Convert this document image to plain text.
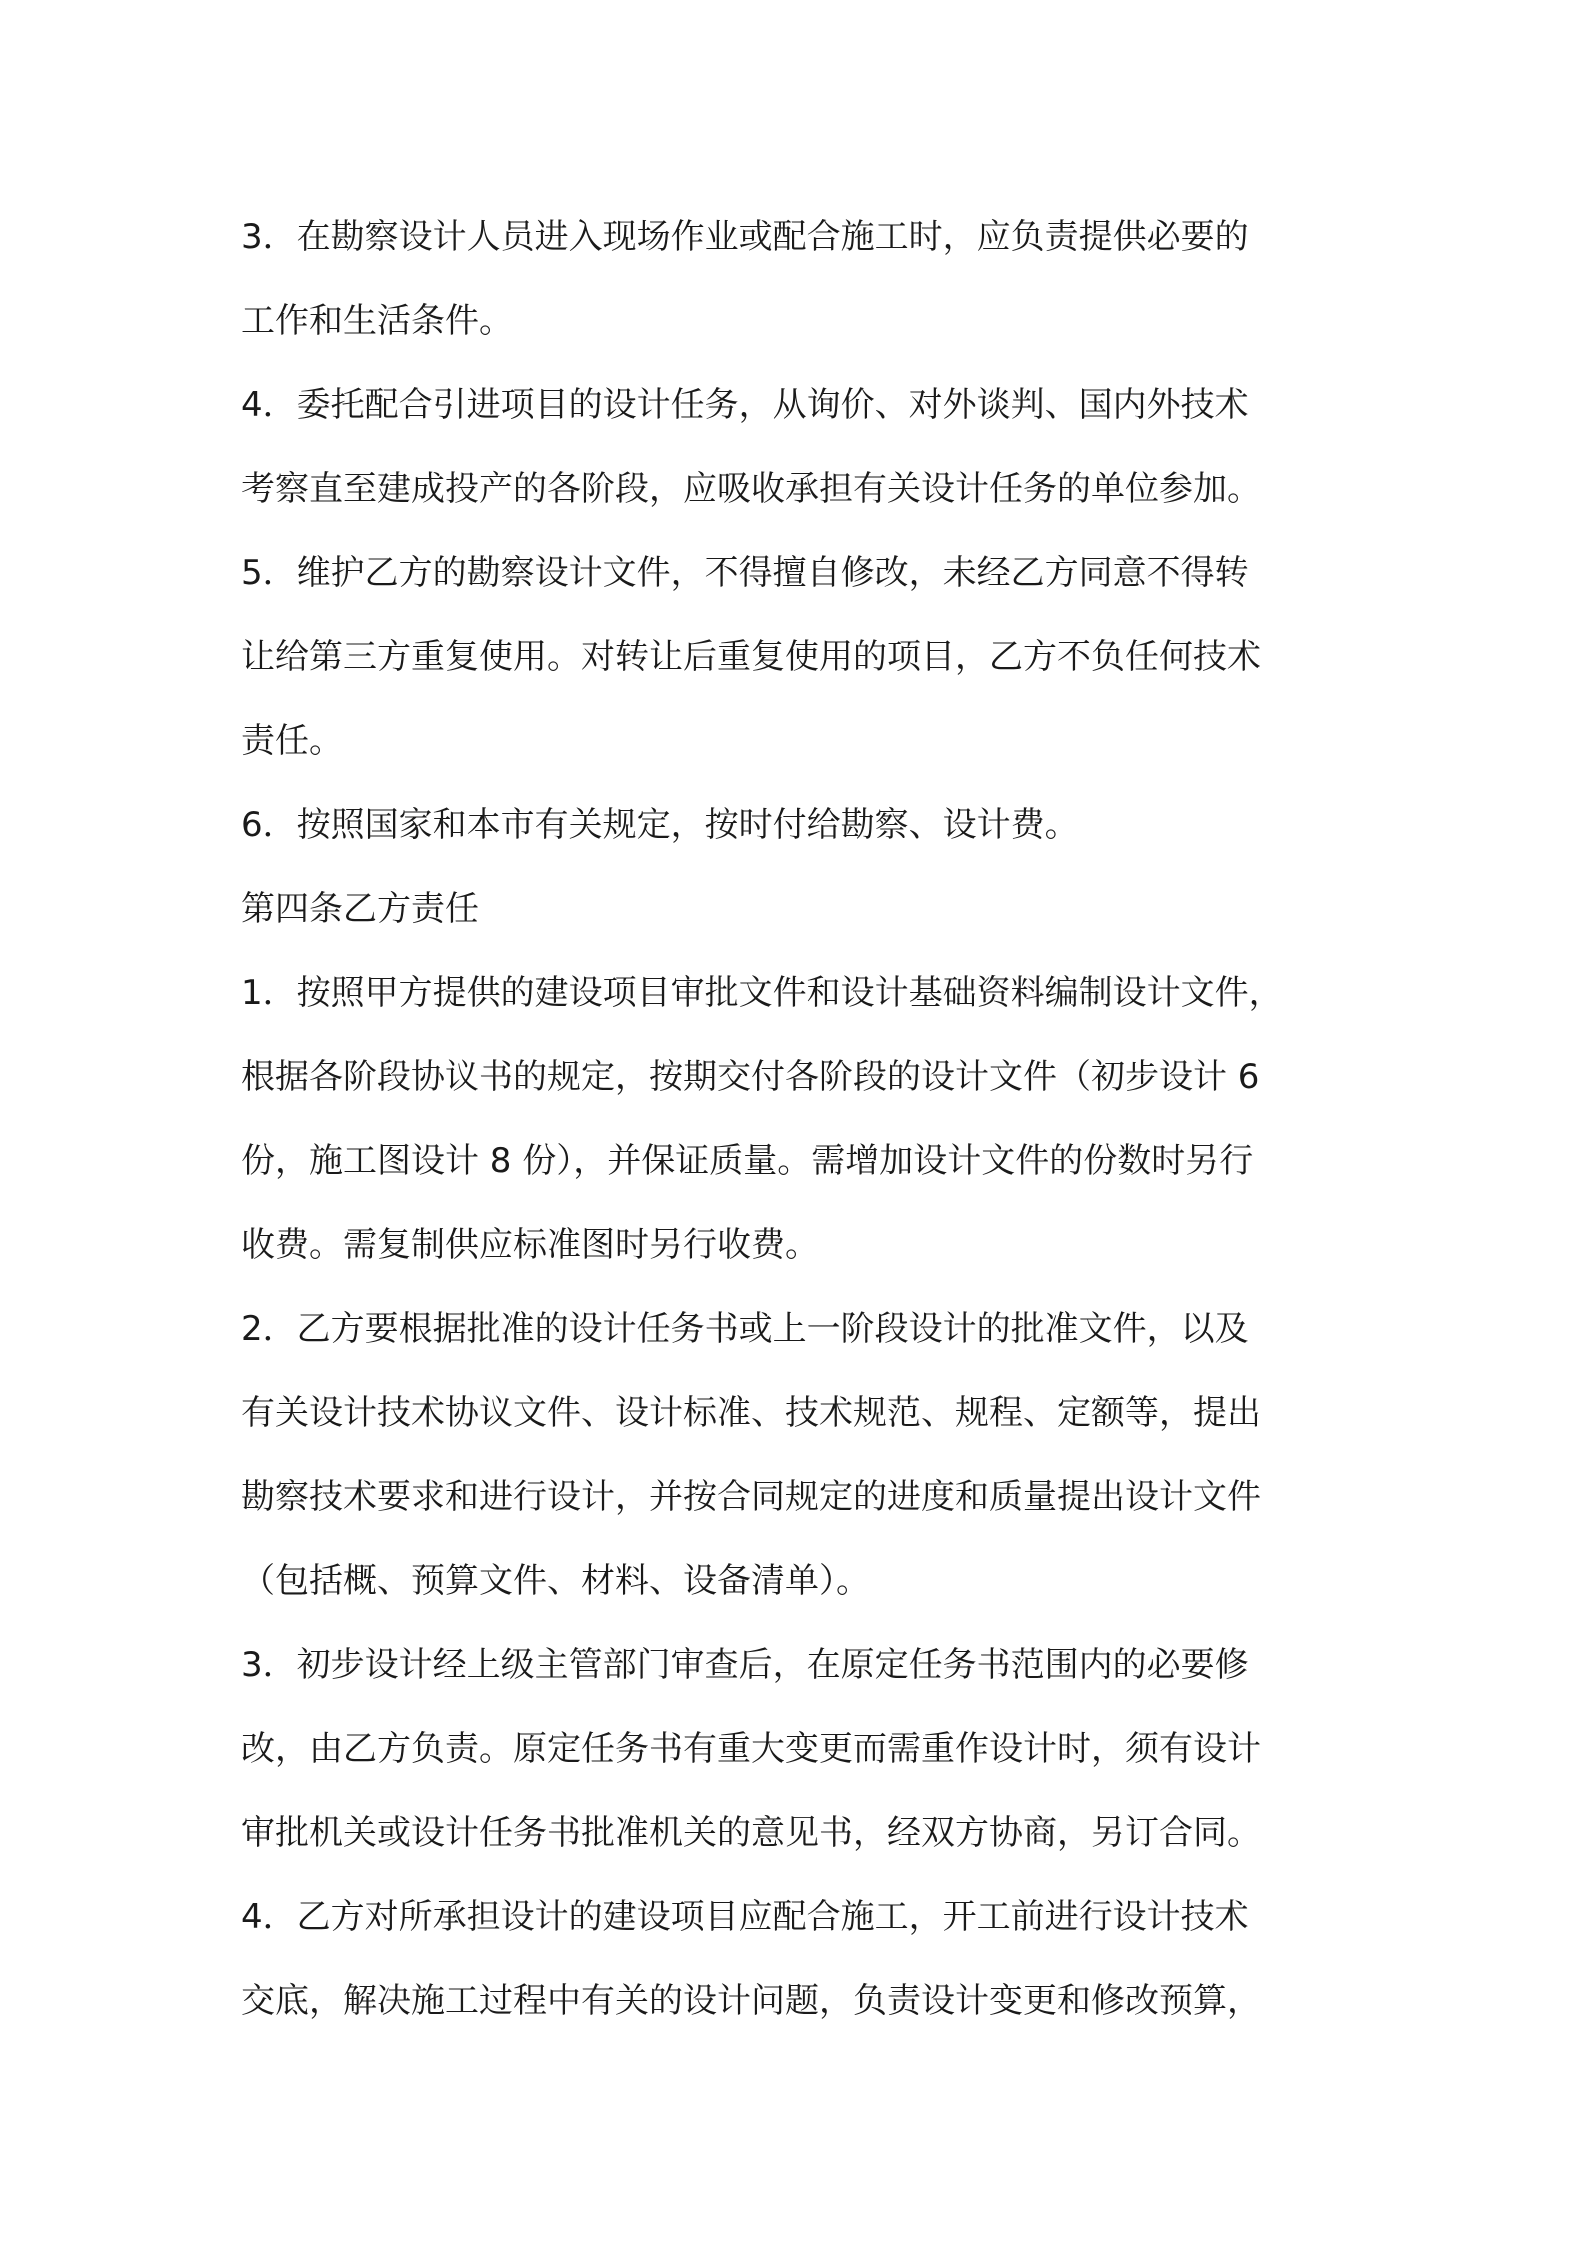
3．在勘察设计人员进入现场作业或配合施工时，应负责提供必要的
工作和生活条件。
4．委托配合引进项目的设计任务，从询价、对外谈判、国内外技术
考察直至建成投产的各阶段，应吸收承担有关设计任务的单位参加。
5．维护乙方的勘察设计文件，不得擅自修改，未经乙方同意不得转
让给第三方重复使用。对转让后重复使用的项目，乙方不负任何技术
责任。
6．按照国家和本市有关规定，按时付给勘察、设计费。
第四条乙方责任
1．按照甲方提供的建设项目审批文件和设计基础资料编制设计文件，
根据各阶段协议书的规定，按期交付各阶段的设计文件（初步设计 6
份，施工图设计 8 份），并保证质量。需增加设计文件的份数时另行
收费。需复制供应标准图时另行收费。
2．乙方要根据批准的设计任务书或上一阶段设计的批准文件，以及
有关设计技术协议文件、设计标准、技术规范、规程、定额等，提出
勘察技术要求和进行设计，并按合同规定的进度和质量提出设计文件
（包括概、预算文件、材料、设备清单）。
3．初步设计经上级主管部门审查后，在原定任务书范围内的必要修
改，由乙方负责。原定任务书有重大变更而需重作设计时，须有设计
审批机关或设计任务书批准机关的意见书，经双方协商，另订合同。
4．乙方对所承担设计的建设项目应配合施工，开工前进行设计技术
交底，解决施工过程中有关的设计问题，负责设计变更和修改预算，
